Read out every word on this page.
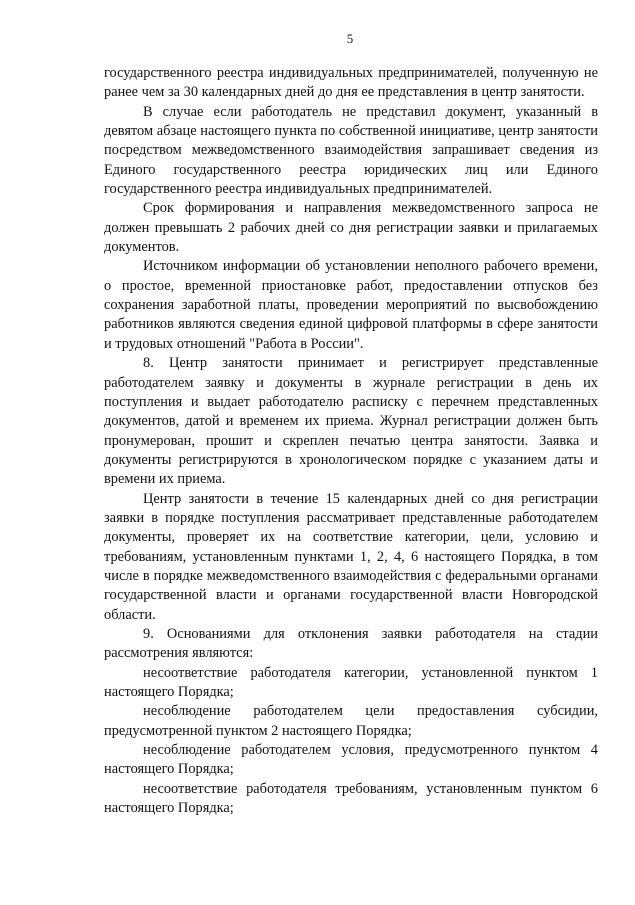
5

государственного реестра индивидуальных предпринимателей, полученную не ранее чем за 30 календарных дней до дня ее представления в центр занятости.

В случае если работодатель не представил документ, указанный в девятом абзаце настоящего пункта по собственной инициативе, центр занятости посредством межведомственного взаимодействия запрашивает сведения из Единого государственного реестра юридических лиц или Единого государственного реестра индивидуальных предпринимателей.

Срок формирования и направления межведомственного запроса не должен превышать 2 рабочих дней со дня регистрации заявки и прилагаемых документов.

Источником информации об установлении неполного рабочего времени, о простое, временной приостановке работ, предоставлении отпусков без сохранения заработной платы, проведении мероприятий по высвобождению работников являются сведения единой цифровой платформы в сфере занятости и трудовых отношений "Работа в России".

8. Центр занятости принимает и регистрирует представленные работодателем заявку и документы в журнале регистрации в день их поступления и выдает работодателю расписку с перечнем представленных документов, датой и временем их приема. Журнал регистрации должен быть пронумерован, прошит и скреплен печатью центра занятости. Заявка и документы регистрируются в хронологическом порядке с указанием даты и времени их приема.

Центр занятости в течение 15 календарных дней со дня регистрации заявки в порядке поступления рассматривает представленные работодателем документы, проверяет их на соответствие категории, цели, условию и требованиям, установленным пунктами 1, 2, 4, 6 настоящего Порядка, в том числе в порядке межведомственного взаимодействия с федеральными органами государственной власти и органами государственной власти Новгородской области.

9. Основаниями для отклонения заявки работодателя на стадии рассмотрения являются:

несоответствие работодателя категории, установленной пунктом 1 настоящего Порядка;

несоблюдение работодателем цели предоставления субсидии, предусмотренной пунктом 2 настоящего Порядка;

несоблюдение работодателем условия, предусмотренного пунктом 4 настоящего Порядка;

несоответствие работодателя требованиям, установленным пунктом 6 настоящего Порядка;
